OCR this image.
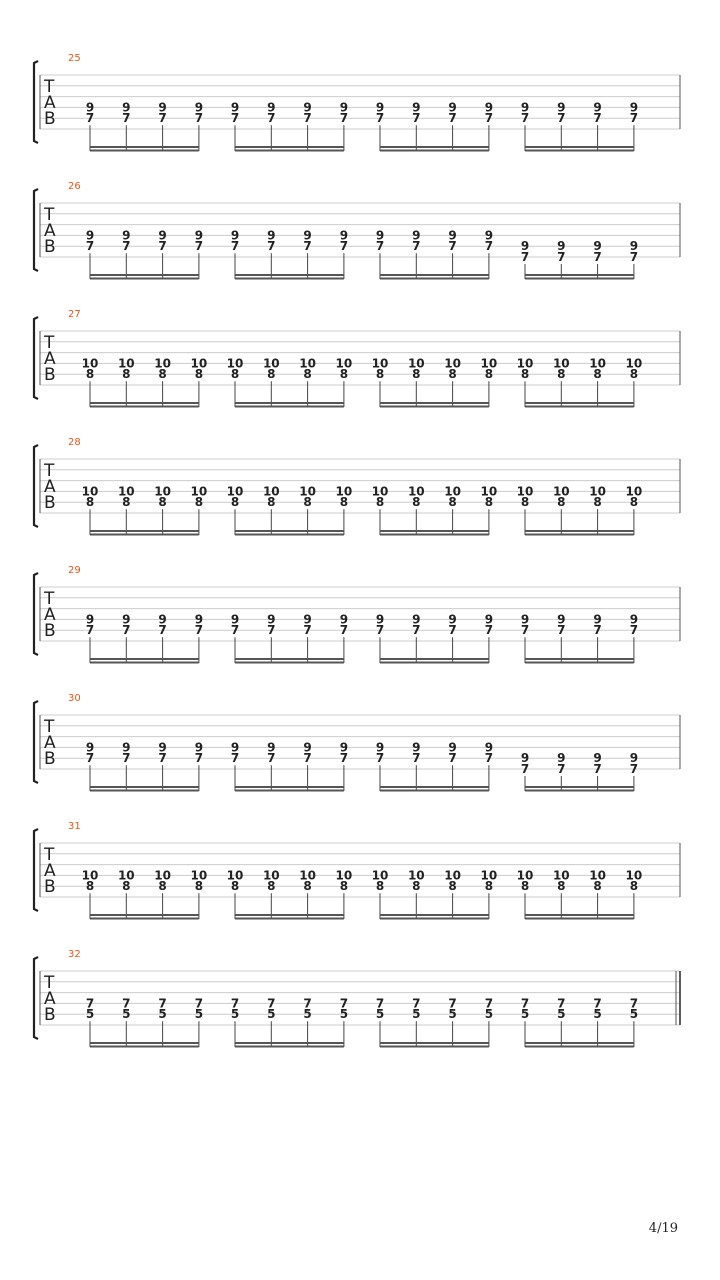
25
T
A
B
9
7
9
7
9
7
9
7
9
7
9
7
9
7
9
7
9
7
9
7
9
7
9
7
9
7
9
7
9
7
9
7
26
T
A
B
9
7
9
7
9
7
9
7
9
7
9
7
9
7
9
7
9
7
9
7
9
7
9
7 9
7
9
7
9
7
9
7
27
T
A
B
10
8
10
8
10
8
10
8
10
8
10
8
10
8
10
8
10
8
10
8
10
8
10
8
10
8
10
8
10
8
10
8
28
T
A
B
10
8
10
8
10
8
10
8
10
8
10
8
10
8
10
8
10
8
10
8
10
8
10
8
10
8
10
8
10
8
10
8
29
T
A
B
9
7
9
7
9
7
9
7
9
7
9
7
9
7
9
7
9
7
9
7
9
7
9
7
9
7
9
7
9
7
9
7
30
T
A
B
9
7
9
7
9
7
9
7
9
7
9
7
9
7
9
7
9
7
9
7
9
7
9
7 9
7
9
7
9
7
9
7
31
T
A
B
10
8
10
8
10
8
10
8
10
8
10
8
10
8
10
8
10
8
10
8
10
8
10
8
10
8
10
8
10
8
10
8
32
T
A
B
7
5
7
5
7
5
7
5
7
5
7
5
7
5
7
5
7
5
7
5
7
5
7
5
7
5
7
5
7
5
7
5
4/19
